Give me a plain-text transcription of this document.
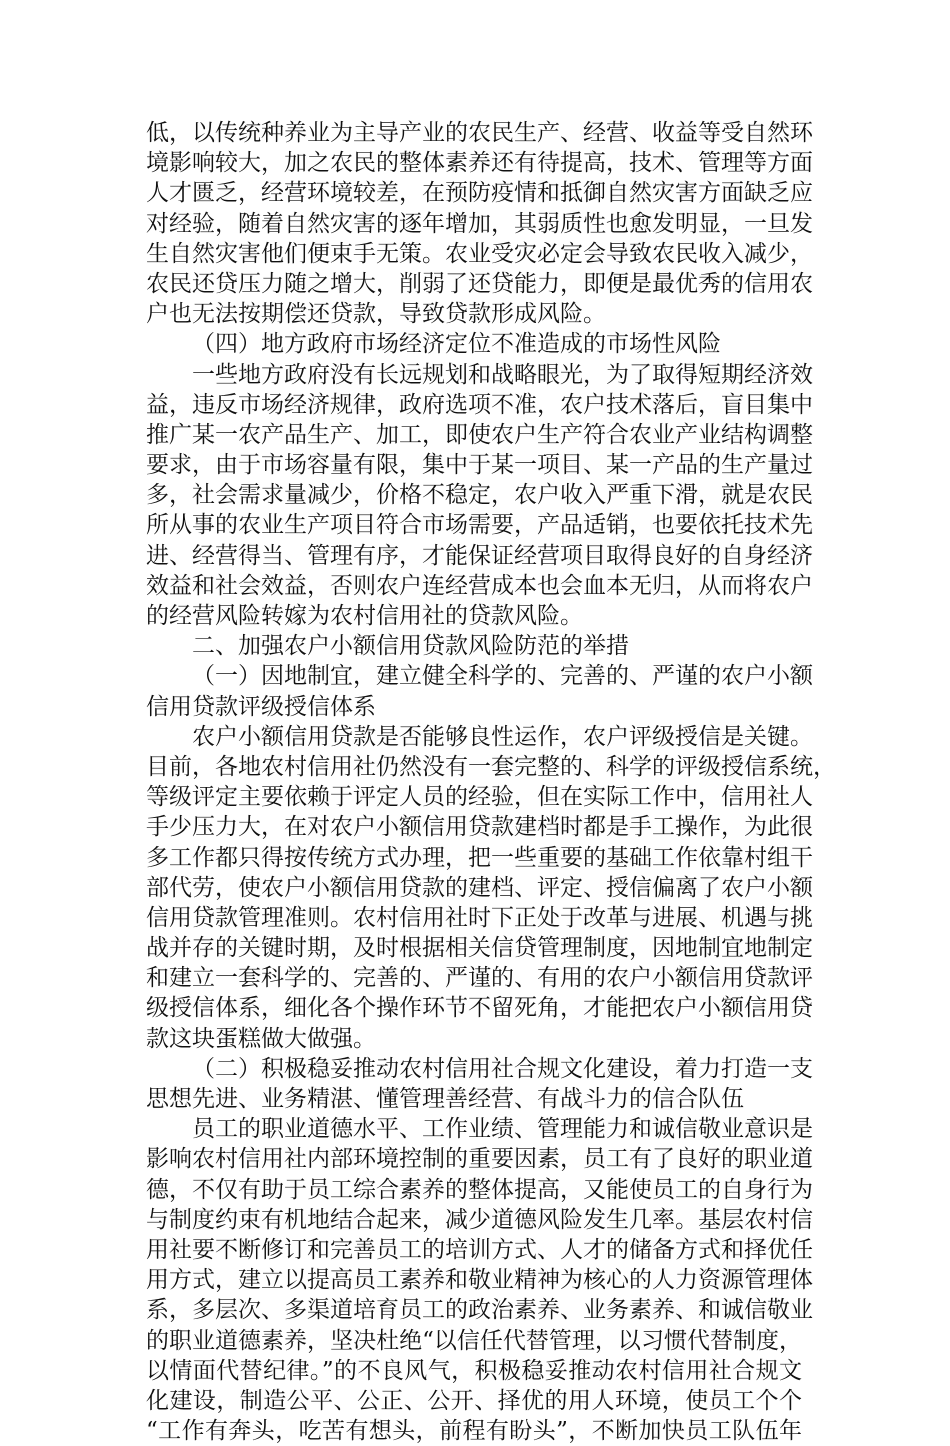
低，以传统种养业为主导产业的农民生产、经营、收益等受自然环
境影响较大，加之农民的整体素养还有待提高，技术、管理等方面
人才匮乏，经营环境较差，在预防疫情和抵御自然灾害方面缺乏应
对经验，随着自然灾害的逐年增加，其弱质性也愈发明显，一旦发
生自然灾害他们便束手无策。农业受灾必定会导致农民收入减少，
农民还贷压力随之增大，削弱了还贷能力，即便是最优秀的信用农
户也无法按期偿还贷款，导致贷款形成风险。
（四）地方政府市场经济定位不准造成的市场性风险
一些地方政府没有长远规划和战略眼光，为了取得短期经济效
益，违反市场经济规律，政府选项不准，农户技术落后，盲目集中
推广某一农产品生产、加工，即使农户生产符合农业产业结构调整
要求，由于市场容量有限，集中于某一项目、某一产品的生产量过
多，社会需求量减少，价格不稳定，农户收入严重下滑，就是农民
所从事的农业生产项目符合市场需要，产品适销，也要依托技术先
进、经营得当、管理有序，才能保证经营项目取得良好的自身经济
效益和社会效益，否则农户连经营成本也会血本无归，从而将农户
的经营风险转嫁为农村信用社的贷款风险。
二、加强农户小额信用贷款风险防范的举措
（一）因地制宜，建立健全科学的、完善的、严谨的农户小额
信用贷款评级授信体系
农户小额信用贷款是否能够良性运作，农户评级授信是关键。
目前，各地农村信用社仍然没有一套完整的、科学的评级授信系统，
等级评定主要依赖于评定人员的经验，但在实际工作中，信用社人
手少压力大，在对农户小额信用贷款建档时都是手工操作，为此很
多工作都只得按传统方式办理，把一些重要的基础工作依靠村组干
部代劳，使农户小额信用贷款的建档、评定、授信偏离了农户小额
信用贷款管理准则。农村信用社时下正处于改革与进展、机遇与挑
战并存的关键时期，及时根据相关信贷管理制度，因地制宜地制定
和建立一套科学的、完善的、严谨的、有用的农户小额信用贷款评
级授信体系，细化各个操作环节不留死角，才能把农户小额信用贷
款这块蛋糕做大做强。
（二）积极稳妥推动农村信用社合规文化建设，着力打造一支
思想先进、业务精湛、懂管理善经营、有战斗力的信合队伍
员工的职业道德水平、工作业绩、管理能力和诚信敬业意识是
影响农村信用社内部环境控制的重要因素，员工有了良好的职业道
德，不仅有助于员工综合素养的整体提高，又能使员工的自身行为
与制度约束有机地结合起来，减少道德风险发生几率。基层农村信
用社要不断修订和完善员工的培训方式、人才的储备方式和择优任
用方式，建立以提高员工素养和敬业精神为核心的人力资源管理体
系，多层次、多渠道培育员工的政治素养、业务素养、和诚信敬业
的职业道德素养，坚决杜绝“以信任代替管理，以习惯代替制度，
以情面代替纪律。”的不良风气，积极稳妥推动农村信用社合规文
化建设，制造公平、公正、公开、择优的用人环境，使员工个个
“工作有奔头，吃苦有想头，前程有盼头”，不断加快员工队伍年
